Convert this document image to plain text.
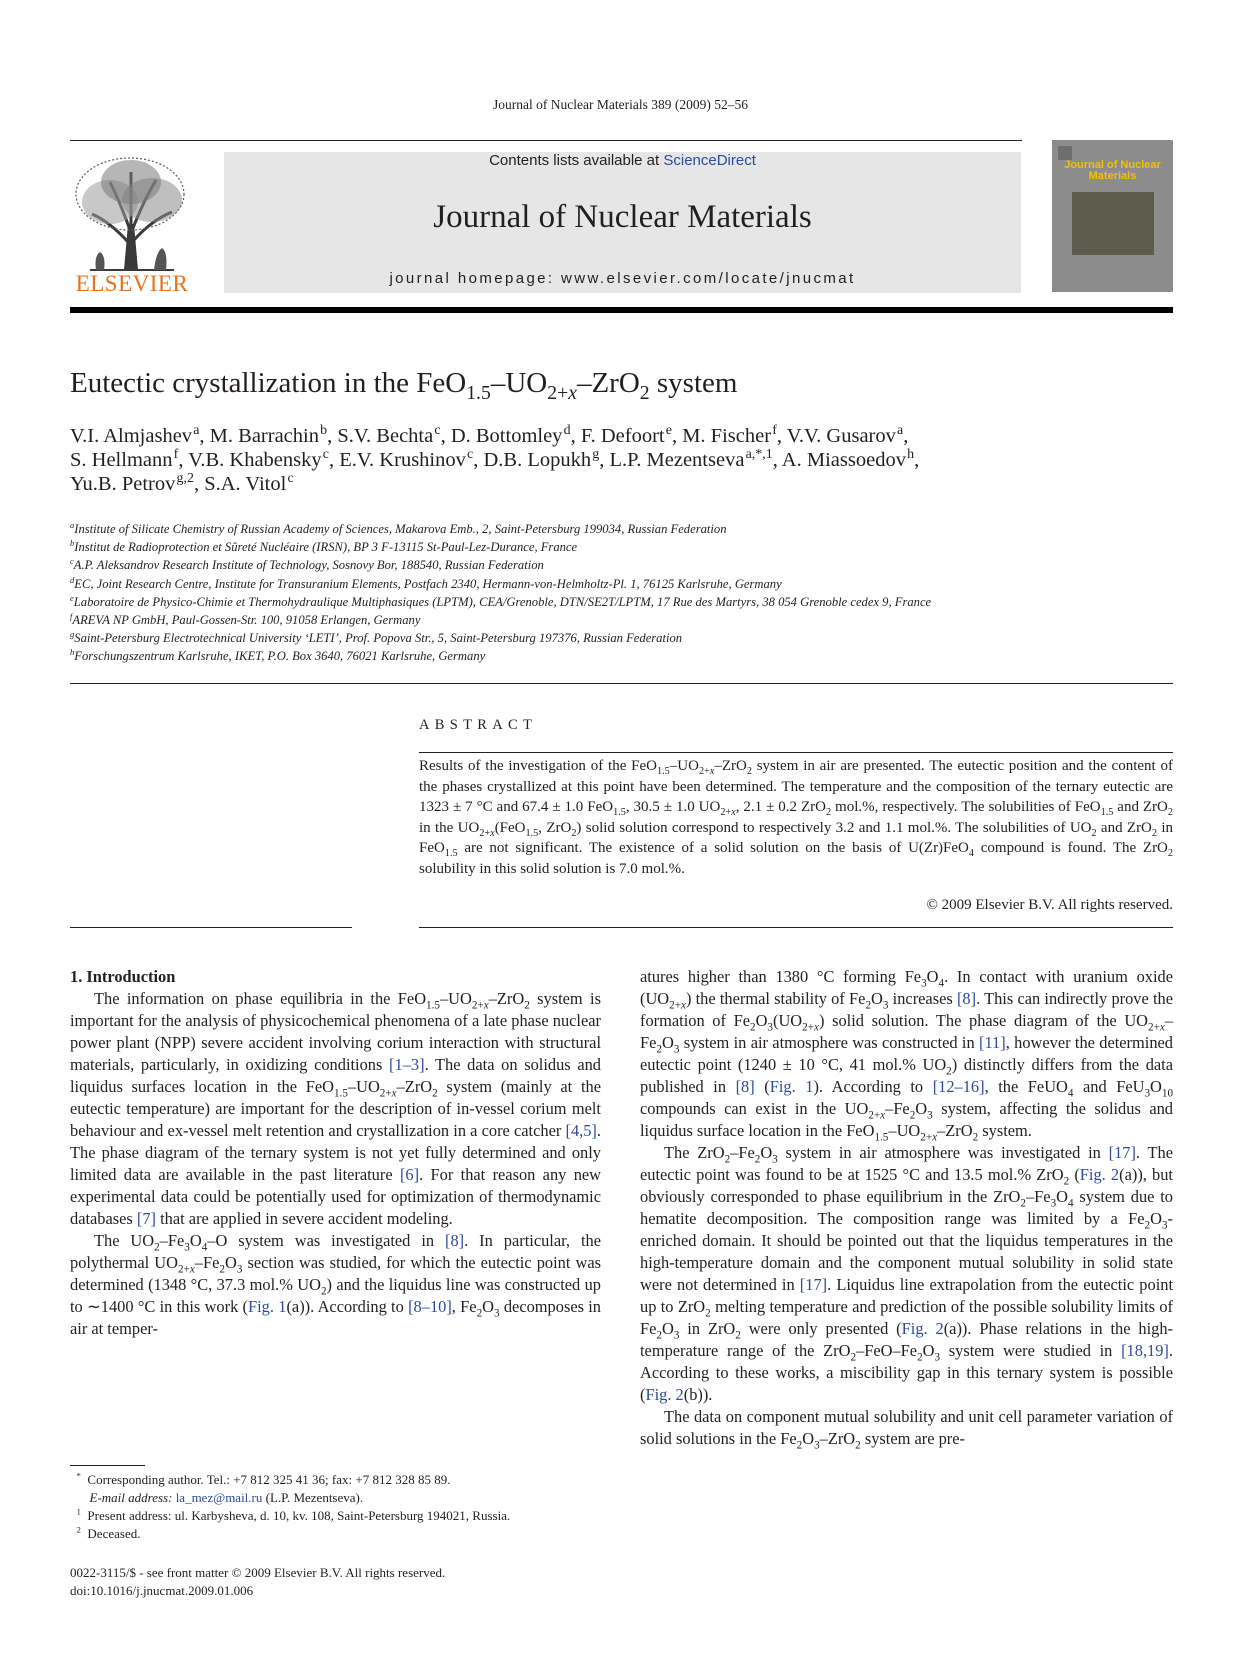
Journal of Nuclear Materials 389 (2009) 52–56
ELSEVIER
Contents lists available at ScienceDirect
Journal of Nuclear Materials
journal homepage: www.elsevier.com/locate/jnucmat
Journal of Nuclear Materials
Eutectic crystallization in the $FeO_{1.5}-UO_{2+x}-ZrO_2$ system
V.I. Almjashev $^a$, M. Barrachin $^b$, S.V. Bechta $^c$, D. Bottomley $^d$, F. Defoort $^e$, M. Fischer $^f$, V.V. Gusarov $^a$,
S. Hellmann $^f$, V.B. Khabensky $^c$, E.V. Krushinov $^c$, D.B. Lopukh $^g$, L.P. Mezentseva $^{a,*,1}$, A. Miassoedov $^h$,
Yu.B. Petrov $^{g,2}$, S.A. Vitol $^c$
$^a$Institute of Silicate Chemistry of Russian Academy of Sciences, Makarova Emb., 2, Saint-Petersburg 199034, Russian Federation
$^b$Institut de Radioprotection et Sûreté Nucléaire (IRSN), BP 3 F-13115 St-Paul-Lez-Durance, France
$^c$A.P. Aleksandrov Research Institute of Technology, Sosnovy Bor, 188540, Russian Federation
$^d$EC, Joint Research Centre, Institute for Transuranium Elements, Postfach 2340, Hermann-von-Helmholtz-Pl. 1, 76125 Karlsruhe, Germany
$^e$Laboratoire de Physico-Chimie et Thermohydraulique Multiphasiques (LPTM), CEA/Grenoble, DTN/SE2T/LPTM, 17 Rue des Martyrs, 38 054 Grenoble cedex 9, France
$^f$AREVA NP GmbH, Paul-Gossen-Str. 100, 91058 Erlangen, Germany
$^g$Saint-Petersburg Electrotechnical University ‘LETI’, Prof. Popova Str., 5, Saint-Petersburg 197376, Russian Federation
$^h$Forschungszentrum Karlsruhe, IKET, P.O. Box 3640, 76021 Karlsruhe, Germany
ABSTRACT
Results of the investigation of the $FeO_{1.5}-UO_{2+x}-ZrO_2$ system in air are presented. The eutectic position and the content of the phases crystallized at this point have been determined. The temperature and the composition of the ternary eutectic are 1323 ± 7 °C and 67.4 ± 1.0 FeO$_{1.5}$, 30.5 ± 1.0 $UO_{2+x}$, 2.1 ± 0.2 ZrO$_2$ mol.%, respectively. The solubilities of FeO$_{1.5}$ and ZrO$_2$ in the $UO_{2+x}(FeO_{1.5}$, ZrO$_2$) solid solution correspond to respectively 3.2 and 1.1 mol.%. The solubilities of $UO_2$ and ZrO$_2$ in FeO$_{1.5}$ are not significant. The existence of a solid solution on the basis of U(Zr)FeO$_4$ compound is found. The ZrO$_2$ solubility in this solid solution is 7.0 mol.%.
© 2009 Elsevier B.V. All rights reserved.

1. Introduction

The information on phase equilibria in the $FeO_{1.5}-UO_{2+x}-ZrO_2$ system is important for the analysis of physicochemical phenomena of a late phase nuclear power plant (NPP) severe accident involving corium interaction with structural materials, particularly, in oxidizing conditions [1–3]. The data on solidus and liquidus surfaces location in the $FeO_{1.5}-UO_{2+x}-ZrO_2$ system (mainly at the eutectic temperature) are important for the description of in-vessel corium melt behaviour and ex-vessel melt retention and crystallization in a core catcher [4,5]. The phase diagram of the ternary system is not yet fully determined and only limited data are available in the past literature [6]. For that reason any new experimental data could be potentially used for optimization of thermodynamic databases [7] that are applied in severe accident modeling.

The $UO_2-Fe_3O_4-O$ system was investigated in [8]. In particular, the polythermal $UO_{2+x}-Fe_2O_3$ section was studied, for which the eutectic point was determined (1348 °C, 37.3 mol.% $UO_2$) and the liquidus line was constructed up to ∼1400 °C in this work (Fig. 1(a)). According to [8–10], $Fe_2O_3$ decomposes in air at temper-

atures higher than 1380 °C forming $Fe_3O_4$. In contact with uranium oxide $(UO_{2+x})$ the thermal stability of $Fe_2O_3$ increases [8]. This can indirectly prove the formation of $Fe_2O_3(UO_{2+x})$ solid solution. The phase diagram of the $UO_{2+x}-Fe_2O_3$ system in air atmosphere was constructed in [11], however the determined eutectic point (1240 ± 10 °C, 41 mol.% $UO_2$) distinctly differs from the data published in [8] (Fig. 1). According to [12–16], the FeUO$_4$ and $FeU_3O_{10}$ compounds can exist in the $UO_{2+x}-Fe_2O_3$ system, affecting the solidus and liquidus surface location in the $FeO_{1.5}-UO_{2+x}-ZrO_2$ system.

The $ZrO_2-Fe_2O_3$ system in air atmosphere was investigated in [17]. The eutectic point was found to be at 1525 °C and 13.5 mol.% ZrO$_2$ (Fig. 2(a)), but obviously corresponded to phase equilibrium in the $ZrO_2-Fe_3O_4$ system due to hematite decomposition. The composition range was limited by a $Fe_2O_3$-enriched domain. It should be pointed out that the liquidus temperatures in the high-temperature domain and the component mutual solubility in solid state were not determined in [17]. Liquidus line extrapolation from the eutectic point up to ZrO$_2$ melting temperature and prediction of the possible solubility limits of $Fe_2O_3$ in ZrO$_2$ were only presented (Fig. 2(a)). Phase relations in the high-temperature range of the $ZrO_2-FeO-Fe_2O_3$ system were studied in [18,19]. According to these works, a miscibility gap in this ternary system is possible (Fig. 2(b)).

The data on component mutual solubility and unit cell parameter variation of solid solutions in the $Fe_2O_3-ZrO_2$ system are pre-

*  Corresponding author. Tel.: +7 812 325 41 36; fax: +7 812 328 85 89.
E-mail address: la_mez@mail.ru (L.P. Mezentseva).
$^1$  Present address: ul. Karbysheva, d. 10, kv. 108, Saint-Petersburg 194021, Russia.
$^2$  Deceased.
0022-3115/$ - see front matter © 2009 Elsevier B.V. All rights reserved.
doi:10.1016/j.jnucmat.2009.01.006
